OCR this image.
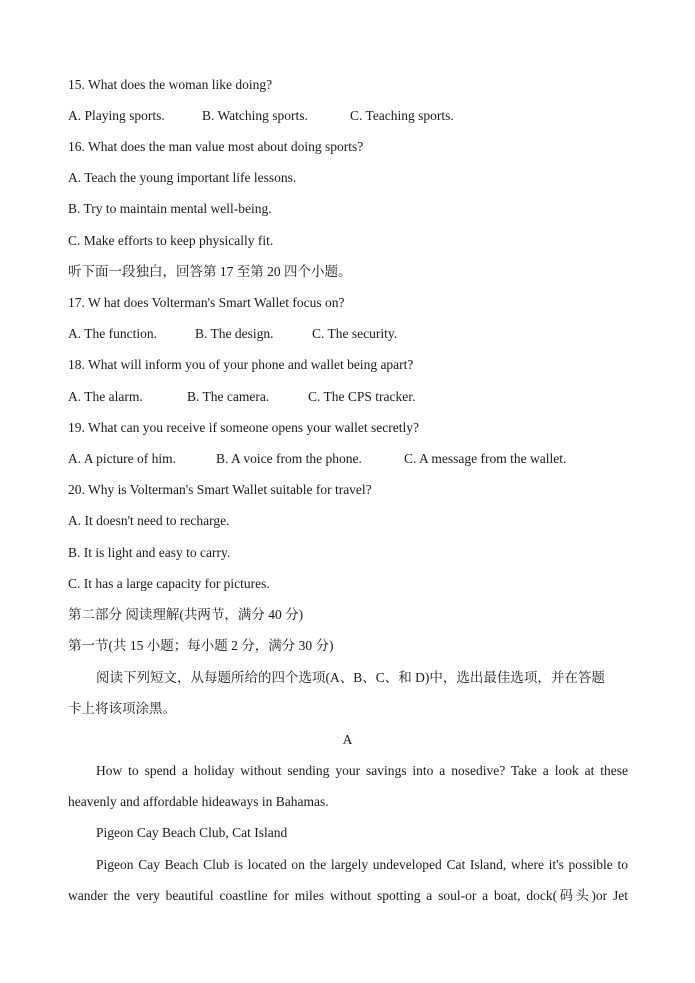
15. What does the woman like doing?
A. Playing sports.	B. Watching sports.	C. Teaching sports.
16. What does the man value most about doing sports?
A. Teach the young important life lessons.
B. Try to maintain mental well-being.
C. Make efforts to keep physically fit.
听下面一段独白，回答第 17 至第 20 四个小题。
17. W hat does Volterman's Smart Wallet focus on?
A. The function.	B. The design.	C. The security.
18. What will inform you of your phone and wallet being apart?
A. The alarm.	B. The camera.	C. The CPS tracker.
19. What can you receive if someone opens your wallet secretly?
A. A picture of him.	B. A voice from the phone.	C. A message from the wallet.
20. Why is Volterman's Smart Wallet suitable for travel?
A. It doesn't need to recharge.
B. It is light and easy to carry.
C. It has a large capacity for pictures.
第二部分 阅读理解(共两节，满分 40 分)
第一节(共 15 小题；每小题 2 分，满分 30 分)
阅读下列短文，从每题所给的四个选项(A、B、C、和 D)中，选出最佳选项，并在答题
卡上将该项涂黑。
A
How to spend a holiday without sending your savings into a nosedive? Take a look at these
heavenly and affordable hideaways in Bahamas.
Pigeon Cay Beach Club, Cat Island
Pigeon Cay Beach Club is located on the largely undeveloped Cat Island, where it's possible to
wander the very beautiful coastline for miles without spotting a soul-or a boat, dock(码头)or Jet
